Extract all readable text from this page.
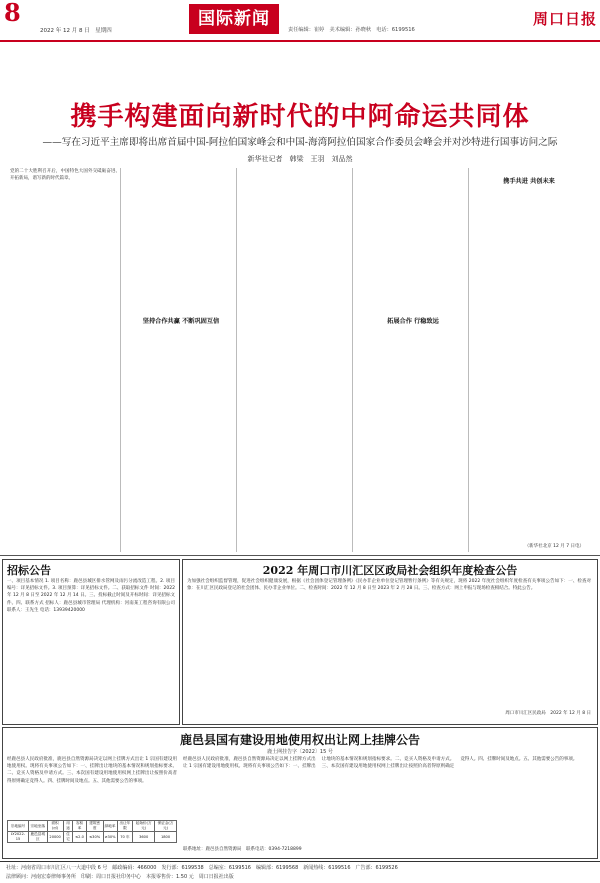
8
2022 年 12 月 8 日　星期四
国际新闻
责任编辑：崔婷　美术编辑：孙晓秋　电话：6199516
周口日报
携手构建面向新时代的中阿命运共同体
——写在习近平主席即将出席首届中国-阿拉伯国家峰会和中国-海湾阿拉伯国家合作委员会峰会并对沙特进行国事访问之际
新华社记者　韩梁　王羽　刘品然
党的二十大胜利召开后，中国特色大国外交砥砺奋进、开拓新局，谱写新的时代篇章。
坚持合作共赢 不断巩固互信	拓展合作 行稳致远
携手共进 共创未来
（新华社北京 12 月 7 日电）
招标公告
一、项目基本情况 1. 项目名称：鹿邑县城区排水管网及雨污分流改造工程。2. 项目编号：详见招标文件。3. 项目预算：详见招标文件。二、获取招标文件 时间：2022 年 12 月 8 日至 2022 年 12 月 14 日。三、投标截止时间及开标时间：详见招标文件。四、联系方式 招标人：鹿邑县城市管理局 代理机构：河南某工程咨询有限公司 联系人：王先生 电话：13939420000
2022 年周口市川汇区区政局社会组织年度检查公告
为加强社会组织监督管理，促进社会组织健康发展，根据《社会团体登记管理条例》《民办非企业单位登记管理暂行条例》等有关规定，现将 2022 年度社会组织年度检查有关事项公告如下：一、检查对象：在川汇区民政局登记的社会团体、民办非企业单位。二、检查时间：2022 年 12 月 8 日至 2023 年 2 月 28 日。三、检查方式：网上申报与现场检查相结合。特此公告。
周口市川汇区民政局　2022 年 12 月 8 日
鹿邑县国有建设用地使用权出让网上挂牌公告
鹿土网挂告字〔2022〕15 号
经鹿邑县人民政府批准，鹿邑县自然资源局决定以网上挂牌方式出让 1 宗国有建设用地使用权。现将有关事项公告如下：一、挂牌出让地块的基本情况和规划指标要求。二、竞买人资格及申请方式。三、本次国有建设用地使用权网上挂牌出让按照价高者得原则确定竞得人。四、挂牌时间及地点。五、其他需要公告的事项。
宗地编号	宗地坐落	面积(㎡)	用途	容积率	建筑密度	绿地率	出让年限	起始价(万元)	保证金(万元)
LY2022-15	鹿邑县城区	20000	住宅	≤2.0	≤30%	≥30%	70 年	3600	1800
经鹿邑县人民政府批准，鹿邑县自然资源局决定以网上挂牌方式出让 1 宗国有建设用地使用权。现将有关事项公告如下：一、挂牌出让地块的基本情况和规划指标要求。二、竞买人资格及申请方式。三、本次国有建设用地使用权网上挂牌出让按照价高者得原则确定竞得人。四、挂牌时间及地点。五、其他需要公告的事项。
联系地址：鹿邑县自然资源局　联系电话：0394-7218899
社址：河南省周口市川汇区八一大道中段 6 号　邮政编码：466000　发行部：6199538　总编室：6199516　编辑部：6199568　新闻热线：6199516　广告部：6199526
法律顾问：河南宏泰律师事务所　印刷：周口日报社印务中心　本报零售价：1.50 元　周口日报社出版
